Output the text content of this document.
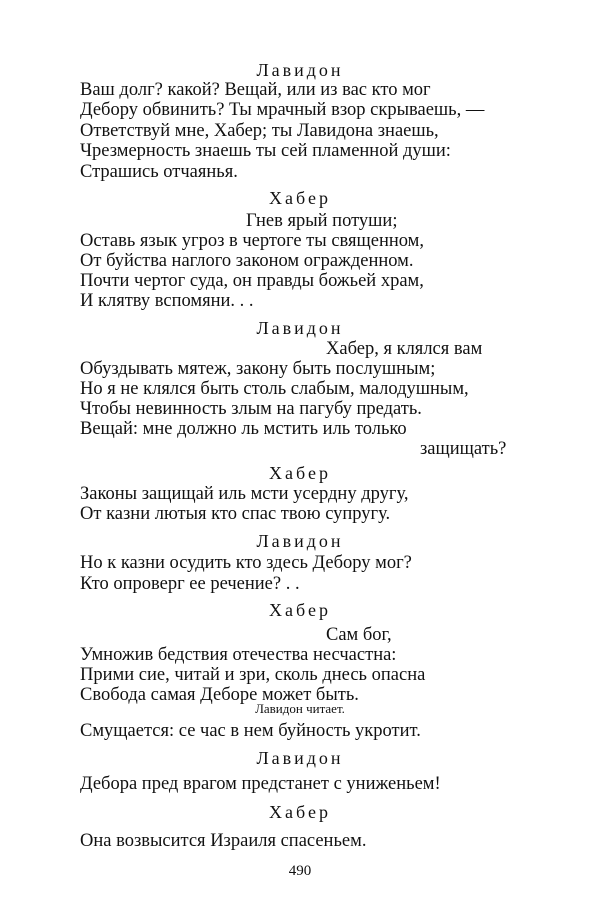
Лавидон
Ваш долг? какой? Вещай, или из вас кто мог
Дебору обвинить? Ты мрачный взор скрываешь, —
Ответствуй мне, Хабер; ты Лавидона знаешь,
Чрезмерность знаешь ты сей пламенной души:
Страшись отчаянья.
Хабер
Гнев ярый потуши;
Оставь язык угроз в чертоге ты священном,
От буйства наглого законом огражденном.
Почти чертог суда, он правды божьей храм,
И клятву вспомяни. . .
Лавидон
Хабер, я клялся вам
Обуздывать мятеж, закону быть послушным;
Но я не клялся быть столь слабым, малодушным,
Чтобы невинность злым на пагубу предать.
Вещай: мне должно ль мстить иль только
защищать?
Хабер
Законы защищай иль мсти усердну другу,
От казни лютыя кто спас твою супругу.
Лавидон
Но к казни осудить кто здесь Дебору мог?
Кто опроверг ее речение? . .
Хабер
Сам бог,
Умножив бедствия отечества несчастна:
Прими сие, читай и зри, сколь днесь опасна
Свобода самая Деборе может быть.
Лавидон читает.
Смущается: се час в нем буйность укротит.
Лавидон
Дебора пред врагом предстанет с униженьем!
Хабер
Она возвысится Израиля спасеньем.
490
